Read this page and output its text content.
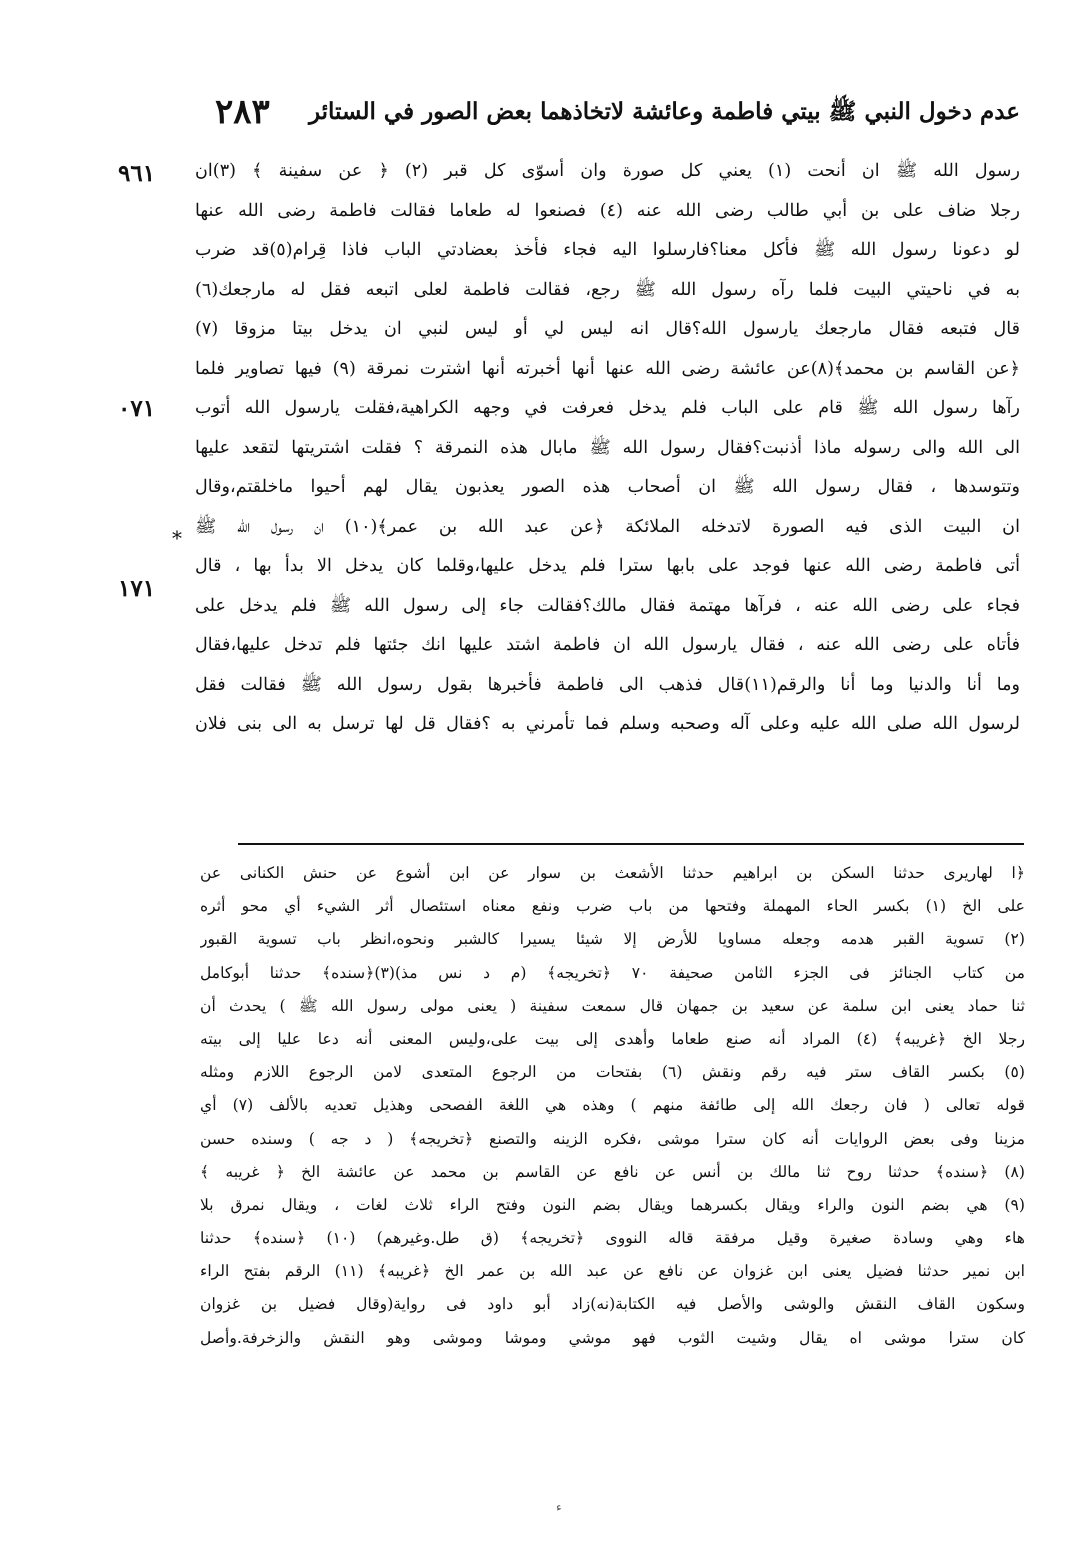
عدم دخول النبي ﷺ بيتي فاطمة وعائشة لاتخاذهما بعض الصور في الستائر
٢٨٣
٩٦١
٠٧١
١٧١
*
رسول الله ﷺ ان أنحت (١) يعني كل صورة وان أسوّى كل قبر (٢) ﴿ عن سفينة ﴾ (٣)ان
رجلا ضاف على بن أبي طالب رضى الله عنه (٤) فصنعوا له طعاما فقالت فاطمة رضى الله عنها
لو دعونا رسول الله ﷺ فأكل معنا؟فارسلوا اليه فجاء فأخذ بعضادتي الباب فاذا قِرام(٥)قد ضرب
به في ناحيتي البيت فلما رآه رسول الله ﷺ رجع، فقالت فاطمة لعلى اتبعه فقل له مارجعك(٦)
قال فتبعه فقال مارجعك يارسول الله؟قال انه ليس لي أو ليس لنبي ان يدخل بيتا مزوقا (٧)
﴿عن القاسم بن محمد﴾(٨)عن عائشة رضى الله عنها أنها أخبرته أنها اشترت نمرقة (٩) فيها تصاوير فلما
رآها رسول الله ﷺ قام على الباب فلم يدخل فعرفت في وجهه الكراهية،فقلت يارسول الله أتوب
الى الله والى رسوله ماذا أذنبت؟فقال رسول الله ﷺ مابال هذه النمرقة ؟ فقلت اشتريتها لتقعد عليها
وتتوسدها ، فقال رسول الله ﷺ ان أصحاب هذه الصور يعذبون يقال لهم أحيوا ماخلقتم،وقال
ان البيت الذى فيه الصورة لاتدخله الملائكة ﴿عن عبد الله بن عمر﴾(١٠) ان رسول الله ﷺ
أتى فاطمة رضى الله عنها فوجد على بابها سترا فلم يدخل عليها،وقلما كان يدخل الا بدأ بها ، قال
فجاء على رضى الله عنه ، فرآها مهتمة فقال مالك؟فقالت جاء إلى رسول الله ﷺ فلم يدخل على
فأتاه على رضى الله عنه ، فقال يارسول الله ان فاطمة اشتد عليها انك جئتها فلم تدخل عليها،فقال
وما أنا والدنيا وما أنا والرقم(١١)قال فذهب الى فاطمة فأخبرها بقول رسول الله ﷺ فقالت فقل
لرسول الله صلى الله عليه وعلى آله وصحبه وسلم فما تأمرني به ؟فقال قل لها ترسل به الى بنى فلان
﴿ا لهاريرى حدثنا السكن بن ابراهيم حدثنا الأشعث بن سوار عن ابن أشوع عن حنش الكنانى عن
على الخ (١) بكسر الحاء المهملة وفتحها من باب ضرب ونفع معناه استئصال أثر الشيء أي محو أثره
(٢) تسوية القبر هدمه وجعله مساويا للأرض إلا شيئا يسيرا كالشبر ونحوه،انظر باب تسوية القبور
من كتاب الجنائز فى الجزء الثامن صحيفة ٧٠ ﴿تخريجه﴾ (م د نس مذ)(٣)﴿سنده﴾ حدثنا أبوكامل
ثنا حماد يعنى ابن سلمة عن سعيد بن جمهان قال سمعت سفينة ( يعنى مولى رسول الله ﷺ ) يحدث أن
رجلا الخ ﴿غريبه﴾ (٤) المراد أنه صنع طعاما وأهدى إلى بيت على،وليس المعنى أنه دعا عليا إلى بيته
(٥) بكسر القاف ستر فيه رقم ونقش (٦) بفتحات من الرجوع المتعدى لامن الرجوع اللازم ومثله
قوله تعالى ( فان رجعك الله إلى طائفة منهم ) وهذه هي اللغة الفصحى وهذيل تعديه بالألف (٧) أي
مزينا وفى بعض الروايات أنه كان سترا موشى ،فكره الزينه والتصنع ﴿تخريجه﴾ ( د جه ) وسنده حسن
(٨) ﴿سنده﴾ حدثنا روح ثنا مالك بن أنس عن نافع عن القاسم بن محمد عن عائشة الخ ﴿ غريبه ﴾
(٩) هي بضم النون والراء ويقال بكسرهما ويقال بضم النون وفتح الراء ثلاث لغات ، ويقال نمرق بلا
هاء وهي وسادة صغيرة وقيل مرفقة قاله النووى ﴿تخريجه﴾ (ق طل.وغيرهم) (١٠) ﴿سنده﴾ حدثنا
ابن نمير حدثنا فضيل يعنى ابن غزوان عن نافع عن عبد الله بن عمر الخ ﴿غريبه﴾ (١١) الرقم بفتح الراء
وسكون القاف النقش والوشى والأصل فيه الكتابة(نه)زاد أبو داود فى رواية(وقال فضيل بن غزوان
كان سترا موشى اه يقال وشيت الثوب فهو موشي وموشا وموشى وهو النقش والزخرفة.وأصل
ء
